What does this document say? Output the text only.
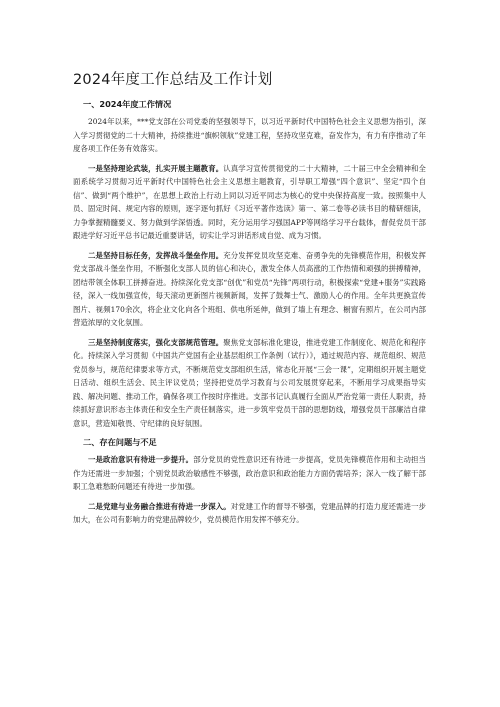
2024年度工作总结及工作计划
一、2024年度工作情况

2024年以来，***党支部在公司党委的坚强领导下，以习近平新时代中国特色社会主义思想为指引，深入学习贯彻党的二十大精神，持续推进“旗帜领航”党建工程，坚持攻坚克难，奋发作为，有力有序推动了年度各项工作任务有效落实。

一是坚持理论武装，扎实开展主题教育。认真学习宣传贯彻党的二十大精神，二十届三中全会精神和全面系统学习贯彻习近平新时代中国特色社会主义思想主题教育，引导职工增强“四个意识”、坚定“四个自信”、做到“两个维护”，在思想上政治上行动上同以习近平同志为核心的党中央保持高度一致。按照集中人员、固定时间、规定内容的原则，逐字逐句抓好《习近平著作选读》第一、第二卷等必读书目的精研细读，力争掌握精髓要义、努力做到学深悟透。同时，充分运用学习强国APP等网络学习平台载体，督促党员干部跟进学好习近平总书记最近重要讲话，切实让学习讲话形成自觉、成为习惯。

二是坚持目标任务，发挥战斗堡垒作用。充分发挥党员攻坚克难、奋勇争先的先锋模范作用，积极发挥党支部战斗堡垒作用，不断强化支部人员的信心和决心，激发全体人员高涨的工作热情和顽强的拼搏精神，团结带领全体职工拼搏奋进。持续深化党支部“创优”和党员“先锋”两项行动，积极探索“党建+服务”实践路径，深入一线加强宣传，每天滚动更新图片视频新闻，发挥了鼓舞士气、激励人心的作用。全年共更换宣传图片、视频170余次，将企业文化向各个班组、供电所延伸，做到了墙上有理念、橱窗有照片，在公司内部营造浓厚的文化氛围。

三是坚持制度落实，强化支部规范管理。聚焦党支部标准化建设，推进党建工作制度化、规范化和程序化。持续深入学习贯彻《中国共产党国有企业基层组织工作条例（试行）》，通过规范内容、规范组织、规范党员参与，规范纪律要求等方式，不断规范党支部组织生活，常态化开展“三会一课”，定期组织开展主题党日活动、组织生活会、民主评议党员；坚持把党员学习教育与公司发展贯穿起来，不断用学习成果指导实践、解决问题、推动工作，确保各项工作按时序推进。支部书记认真履行全面从严治党第一责任人职责，持续抓好意识形态主体责任和安全生产责任制落实，进一步筑牢党员干部的思想防线，增强党员干部廉洁自律意识，营造知敬畏、守纪律的良好氛围。

二、存在问题与不足

一是政治意识有待进一步提升。部分党员的党性意识还有待进一步提高，党员先锋模范作用和主动担当作为还需进一步加强；个别党员政治敏感性不够强，政治意识和政治能力方面仍需培养；深入一线了解干部职工急难愁盼问题还有待进一步加强。

二是党建与业务融合推进有待进一步深入。对党建工作的督导不够强，党建品牌的打造力度还需进一步加大，在公司有影响力的党建品牌较少，党员模范作用发挥不够充分。
